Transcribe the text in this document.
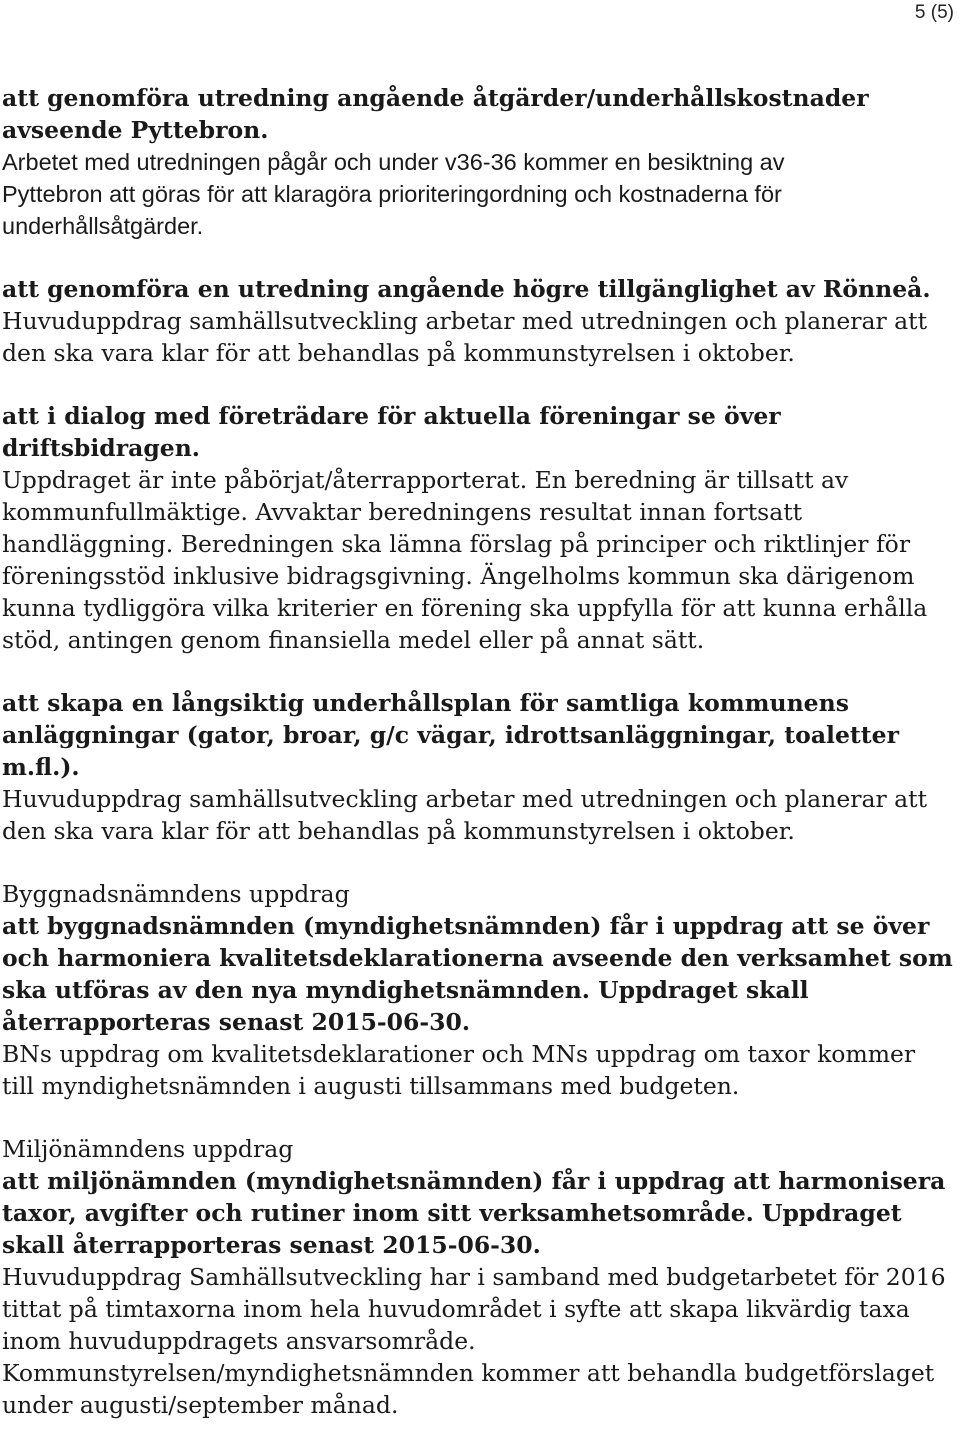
5 (5)
att genomföra utredning angående åtgärder/underhållskostnader
avseende Pyttebron.
Arbetet med utredningen pågår och under v36-36 kommer en besiktning av
Pyttebron att göras för att klaragöra prioriteringordning och kostnaderna för
underhållsåtgärder.
att genomföra en utredning angående högre tillgänglighet av Rönneå.
Huvuduppdrag samhällsutveckling arbetar med utredningen och planerar att
den ska vara klar för att behandlas på kommunstyrelsen i oktober.
att i dialog med företrädare för aktuella föreningar se över
driftsbidragen.
Uppdraget är inte påbörjat/återrapporterat. En beredning är tillsatt av
kommunfullmäktige. Avvaktar beredningens resultat innan fortsatt
handläggning. Beredningen ska lämna förslag på principer och riktlinjer för
föreningsstöd inklusive bidragsgivning. Ängelholms kommun ska därigenom
kunna tydliggöra vilka kriterier en förening ska uppfylla för att kunna erhålla
stöd, antingen genom finansiella medel eller på annat sätt.
att skapa en långsiktig underhållsplan för samtliga kommunens
anläggningar (gator, broar, g/c vägar, idrottsanläggningar, toaletter
m.fl.).
Huvuduppdrag samhällsutveckling arbetar med utredningen och planerar att
den ska vara klar för att behandlas på kommunstyrelsen i oktober.
Byggnadsnämndens uppdrag
att byggnadsnämnden (myndighetsnämnden) får i uppdrag att se över
och harmoniera kvalitetsdeklarationerna avseende den verksamhet som
ska utföras av den nya myndighetsnämnden. Uppdraget skall
återrapporteras senast 2015-06-30.
BNs uppdrag om kvalitetsdeklarationer och MNs uppdrag om taxor kommer
till myndighetsnämnden i augusti tillsammans med budgeten.
Miljönämndens uppdrag
att miljönämnden (myndighetsnämnden) får i uppdrag att harmonisera
taxor, avgifter och rutiner inom sitt verksamhetsområde. Uppdraget
skall återrapporteras senast 2015-06-30.
Huvuduppdrag Samhällsutveckling har i samband med budgetarbetet för 2016
tittat på timtaxorna inom hela huvudområdet i syfte att skapa likvärdig taxa
inom huvuduppdragets ansvarsområde.
Kommunstyrelsen/myndighetsnämnden kommer att behandla budgetförslaget
under augusti/september månad.
